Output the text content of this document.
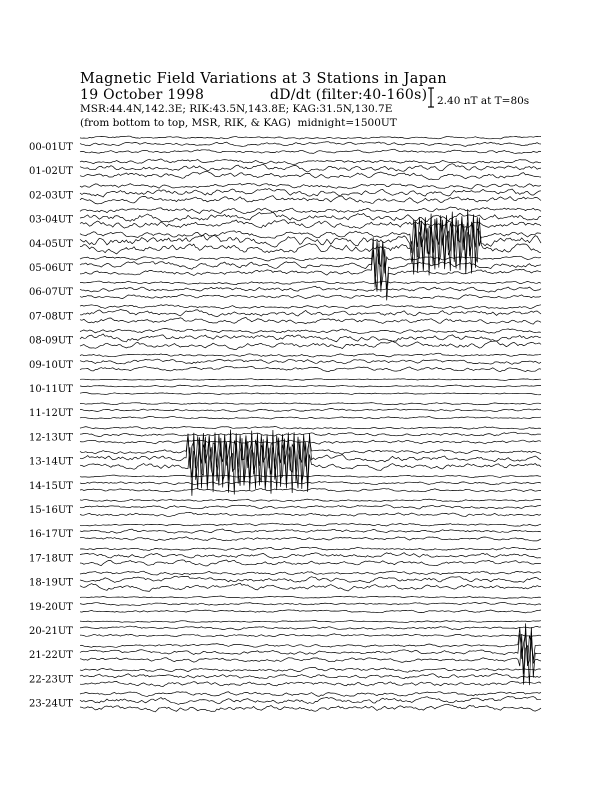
Magnetic Field Variations at 3 Stations in Japan
19 October 1998	dD/dt (filter:40-160s)
MSR:44.4N,142.3E; RIK:43.5N,143.8E; KAG:31.5N,130.7E
(from bottom to top, MSR, RIK, & KAG) midnight=1500UT
2.40 nT at T=80s
00-01UT
01-02UT
02-03UT
03-04UT
04-05UT
05-06UT
06-07UT
07-08UT
08-09UT
09-10UT
10-11UT
11-12UT
12-13UT
13-14UT
14-15UT
15-16UT
16-17UT
17-18UT
18-19UT
19-20UT
20-21UT
21-22UT
22-23UT
23-24UT
